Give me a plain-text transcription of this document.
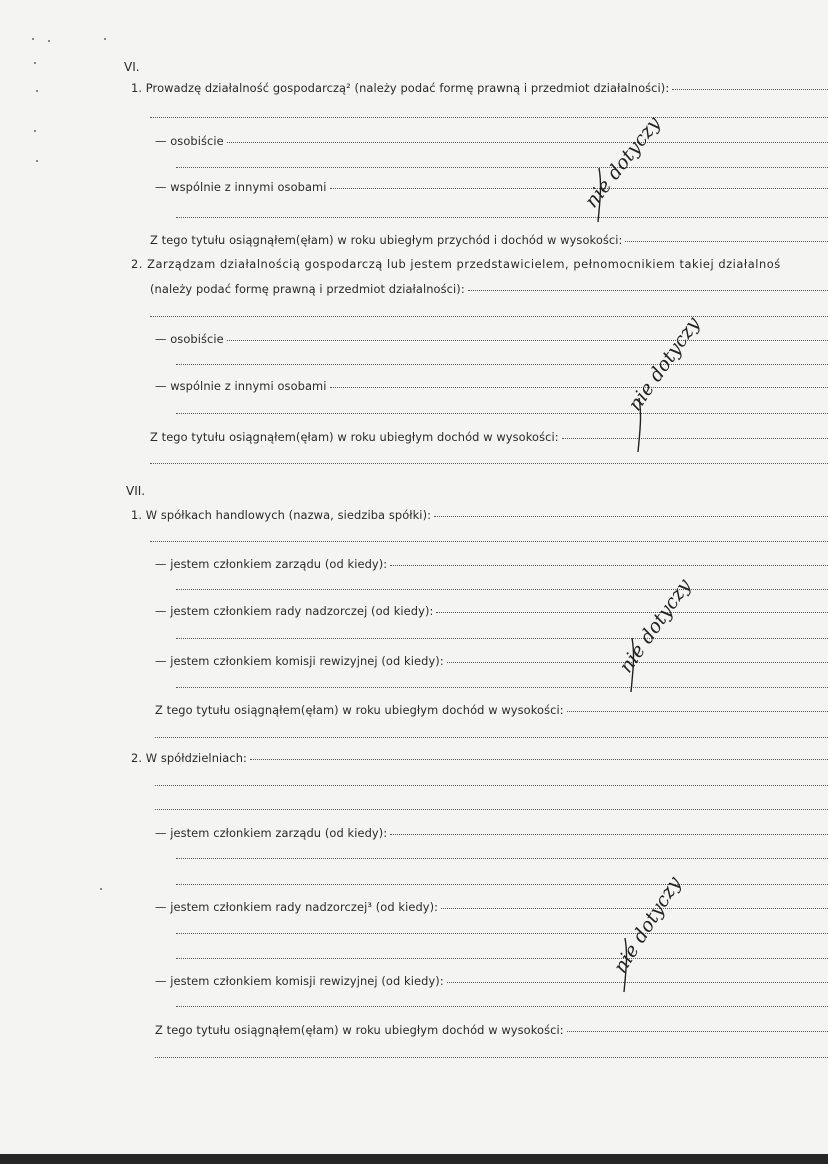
VI.
1. Prowadzę działalność gospodarczą² (należy podać formę prawną i przedmiot działalności):
— osobiście
— wspólnie z innymi osobami
Z tego tytułu osiągnąłem(ęłam) w roku ubiegłym przychód i dochód w wysokości:
2. Zarządzam działalnością gospodarczą lub jestem przedstawicielem, pełnomocnikiem takiej działalnoś
(należy podać formę prawną i przedmiot działalności):
— osobiście
— wspólnie z innymi osobami
Z tego tytułu osiągnąłem(ęłam) w roku ubiegłym dochód w wysokości:
VII.
1. W spółkach handlowych (nazwa, siedziba spółki):
— jestem członkiem zarządu (od kiedy):
— jestem członkiem rady nadzorczej (od kiedy):
— jestem członkiem komisji rewizyjnej (od kiedy):
Z tego tytułu osiągnąłem(ęłam) w roku ubiegłym dochód w wysokości:
2. W spółdzielniach:
— jestem członkiem zarządu (od kiedy):
— jestem członkiem rady nadzorczej³ (od kiedy):
— jestem członkiem komisji rewizyjnej (od kiedy):
Z tego tytułu osiągnąłem(ęłam) w roku ubiegłym dochód w wysokości:
nie dotyczy
nie dotyczy
nie dotyczy
nie dotyczy
